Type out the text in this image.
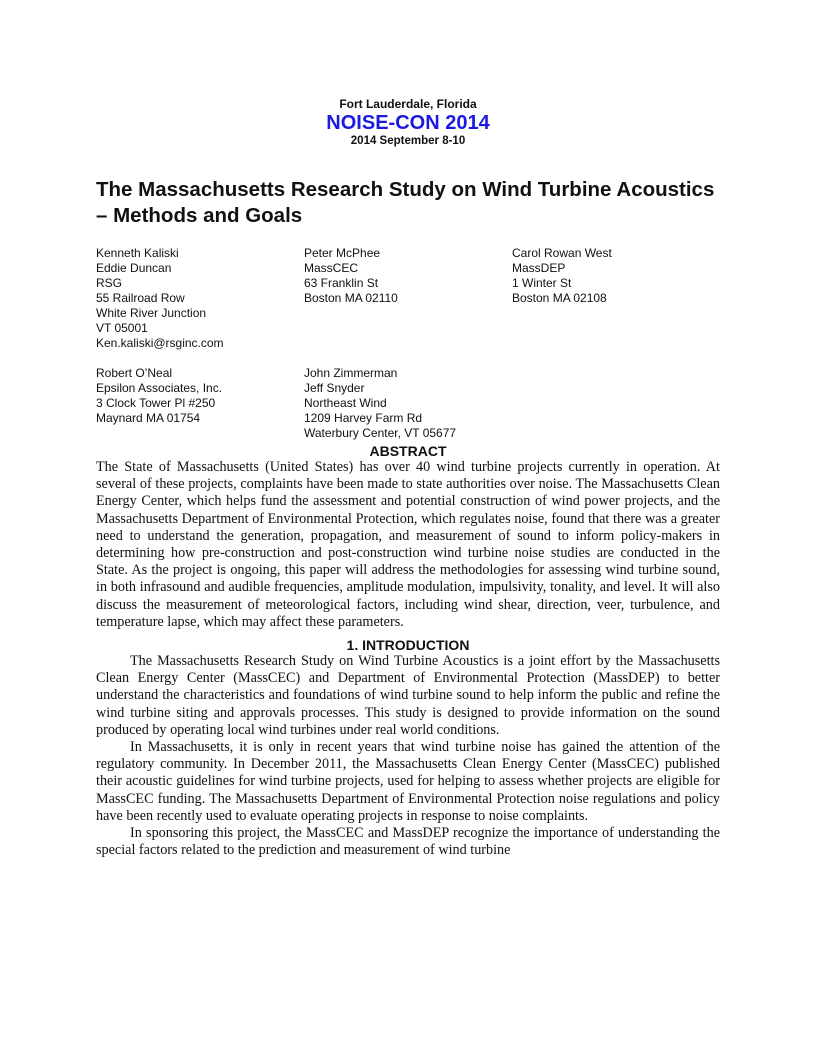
Fort Lauderdale, Florida
NOISE-CON 2014
2014 September 8-10
The Massachusetts Research Study on Wind Turbine Acoustics – Methods and Goals
Kenneth Kaliski
Eddie Duncan
RSG
55 Railroad Row
White River Junction
VT 05001
Ken.kaliski@rsginc.com
Peter McPhee
MassCEC
63 Franklin St
Boston MA 02110
Carol Rowan West
MassDEP
1 Winter St
Boston MA 02108
Robert O’Neal
Epsilon Associates, Inc.
3 Clock Tower Pl #250
Maynard MA 01754
John Zimmerman
Jeff Snyder
Northeast Wind
1209 Harvey Farm Rd
Waterbury Center, VT 05677
ABSTRACT

The State of Massachusetts (United States) has over 40 wind turbine projects currently in operation. At several of these projects, complaints have been made to state authorities over noise. The Massachusetts Clean Energy Center, which helps fund the assessment and potential construction of wind power projects, and the Massachusetts Department of Environmental Protection, which regulates noise, found that there was a greater need to understand the generation, propagation, and measurement of sound to inform policy-makers in determining how pre-construction and post-construction wind turbine noise studies are conducted in the State. As the project is ongoing, this paper will address the methodologies for assessing wind turbine sound, in both infrasound and audible frequencies, amplitude modulation, impulsivity, tonality, and level. It will also discuss the measurement of meteorological factors, including wind shear, direction, veer, turbulence, and temperature lapse, which may affect these parameters.

1. INTRODUCTION

The Massachusetts Research Study on Wind Turbine Acoustics is a joint effort by the Massachusetts Clean Energy Center (MassCEC) and Department of Environmental Protection (MassDEP) to better understand the characteristics and foundations of wind turbine sound to help inform the public and refine the wind turbine siting and approvals processes. This study is designed to provide information on the sound produced by operating local wind turbines under real world conditions.

In Massachusetts, it is only in recent years that wind turbine noise has gained the attention of the regulatory community. In December 2011, the Massachusetts Clean Energy Center (MassCEC) published their acoustic guidelines for wind turbine projects, used for helping to assess whether projects are eligible for MassCEC funding. The Massachusetts Department of Environmental Protection noise regulations and policy have been recently used to evaluate operating projects in response to noise complaints.

In sponsoring this project, the MassCEC and MassDEP recognize the importance of understanding the special factors related to the prediction and measurement of wind turbine
